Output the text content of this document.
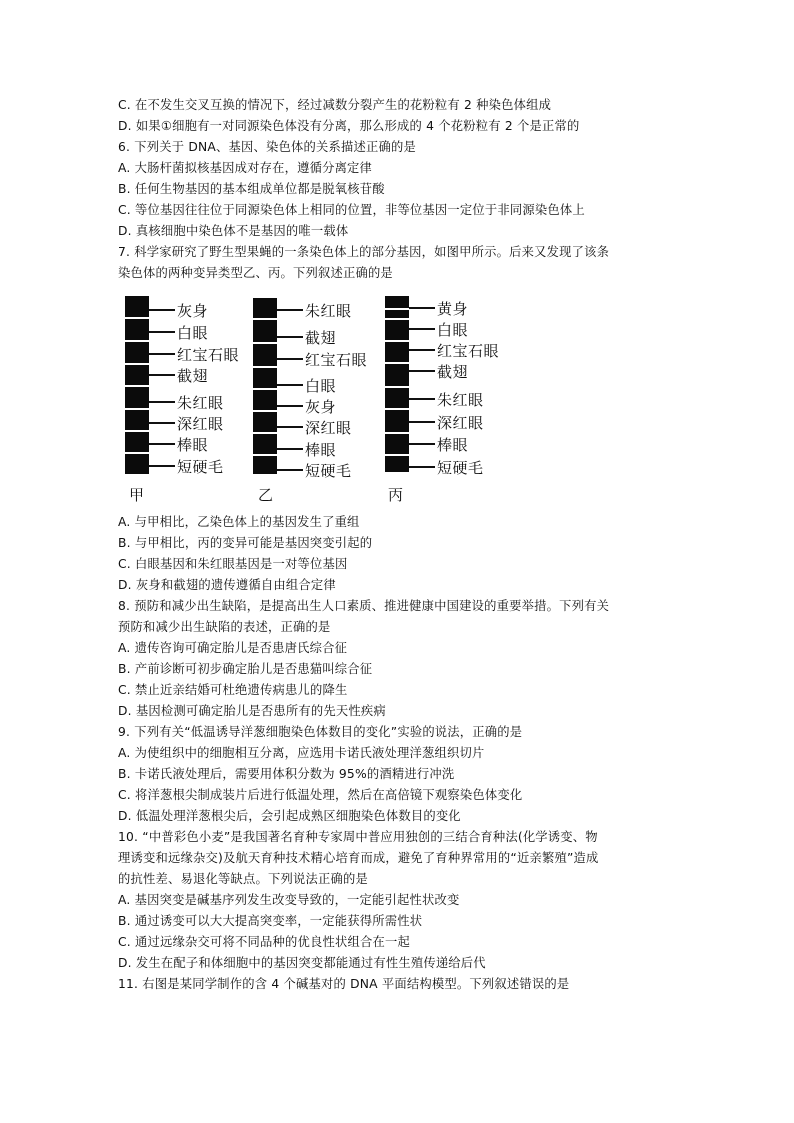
C. 在不发生交叉互换的情况下，经过减数分裂产生的花粉粒有 2 种染色体组成
D. 如果①细胞有一对同源染色体没有分离，那么形成的 4 个花粉粒有 2 个是正常的
6. 下列关于 DNA、基因、染色体的关系描述正确的是
A. 大肠杆菌拟核基因成对存在，遵循分离定律
B. 任何生物基因的基本组成单位都是脱氧核苷酸
C. 等位基因往往位于同源染色体上相同的位置，非等位基因一定位于非同源染色体上
D. 真核细胞中染色体不是基因的唯一载体
7. 科学家研究了野生型果蝇的一条染色体上的部分基因，如图甲所示。后来又发现了该条
染色体的两种变异类型乙、丙。下列叙述正确的是
灰身
白眼
红宝石眼
截翅
朱红眼
深红眼
棒眼
短硬毛
甲
朱红眼
截翅
红宝石眼
白眼
灰身
深红眼
棒眼
短硬毛
乙
黄身
白眼
红宝石眼
截翅
朱红眼
深红眼
棒眼
短硬毛
丙
A. 与甲相比，乙染色体上的基因发生了重组
B. 与甲相比，丙的变异可能是基因突变引起的
C. 白眼基因和朱红眼基因是一对等位基因
D. 灰身和截翅的遗传遵循自由组合定律
8. 预防和减少出生缺陷，是提高出生人口素质、推进健康中国建设的重要举措。下列有关
预防和减少出生缺陷的表述，正确的是
A. 遗传咨询可确定胎儿是否患唐氏综合征
B. 产前诊断可初步确定胎儿是否患猫叫综合征
C. 禁止近亲结婚可杜绝遗传病患儿的降生
D. 基因检测可确定胎儿是否患所有的先天性疾病
9. 下列有关“低温诱导洋葱细胞染色体数目的变化”实验的说法，正确的是
A. 为使组织中的细胞相互分离，应选用卡诺氏液处理洋葱组织切片
B. 卡诺氏液处理后，需要用体积分数为 95%的酒精进行冲洗
C. 将洋葱根尖制成装片后进行低温处理，然后在高倍镜下观察染色体变化
D. 低温处理洋葱根尖后，会引起成熟区细胞染色体数目的变化
10. “中普彩色小麦”是我国著名育种专家周中普应用独创的三结合育种法(化学诱变、物
理诱变和远缘杂交)及航天育种技术精心培育而成，避免了育种界常用的“近亲繁殖”造成
的抗性差、易退化等缺点。下列说法正确的是
A. 基因突变是碱基序列发生改变导致的，一定能引起性状改变
B. 通过诱变可以大大提高突变率，一定能获得所需性状
C. 通过远缘杂交可将不同品种的优良性状组合在一起
D. 发生在配子和体细胞中的基因突变都能通过有性生殖传递给后代
11. 右图是某同学制作的含 4 个碱基对的 DNA 平面结构模型。下列叙述错误的是
